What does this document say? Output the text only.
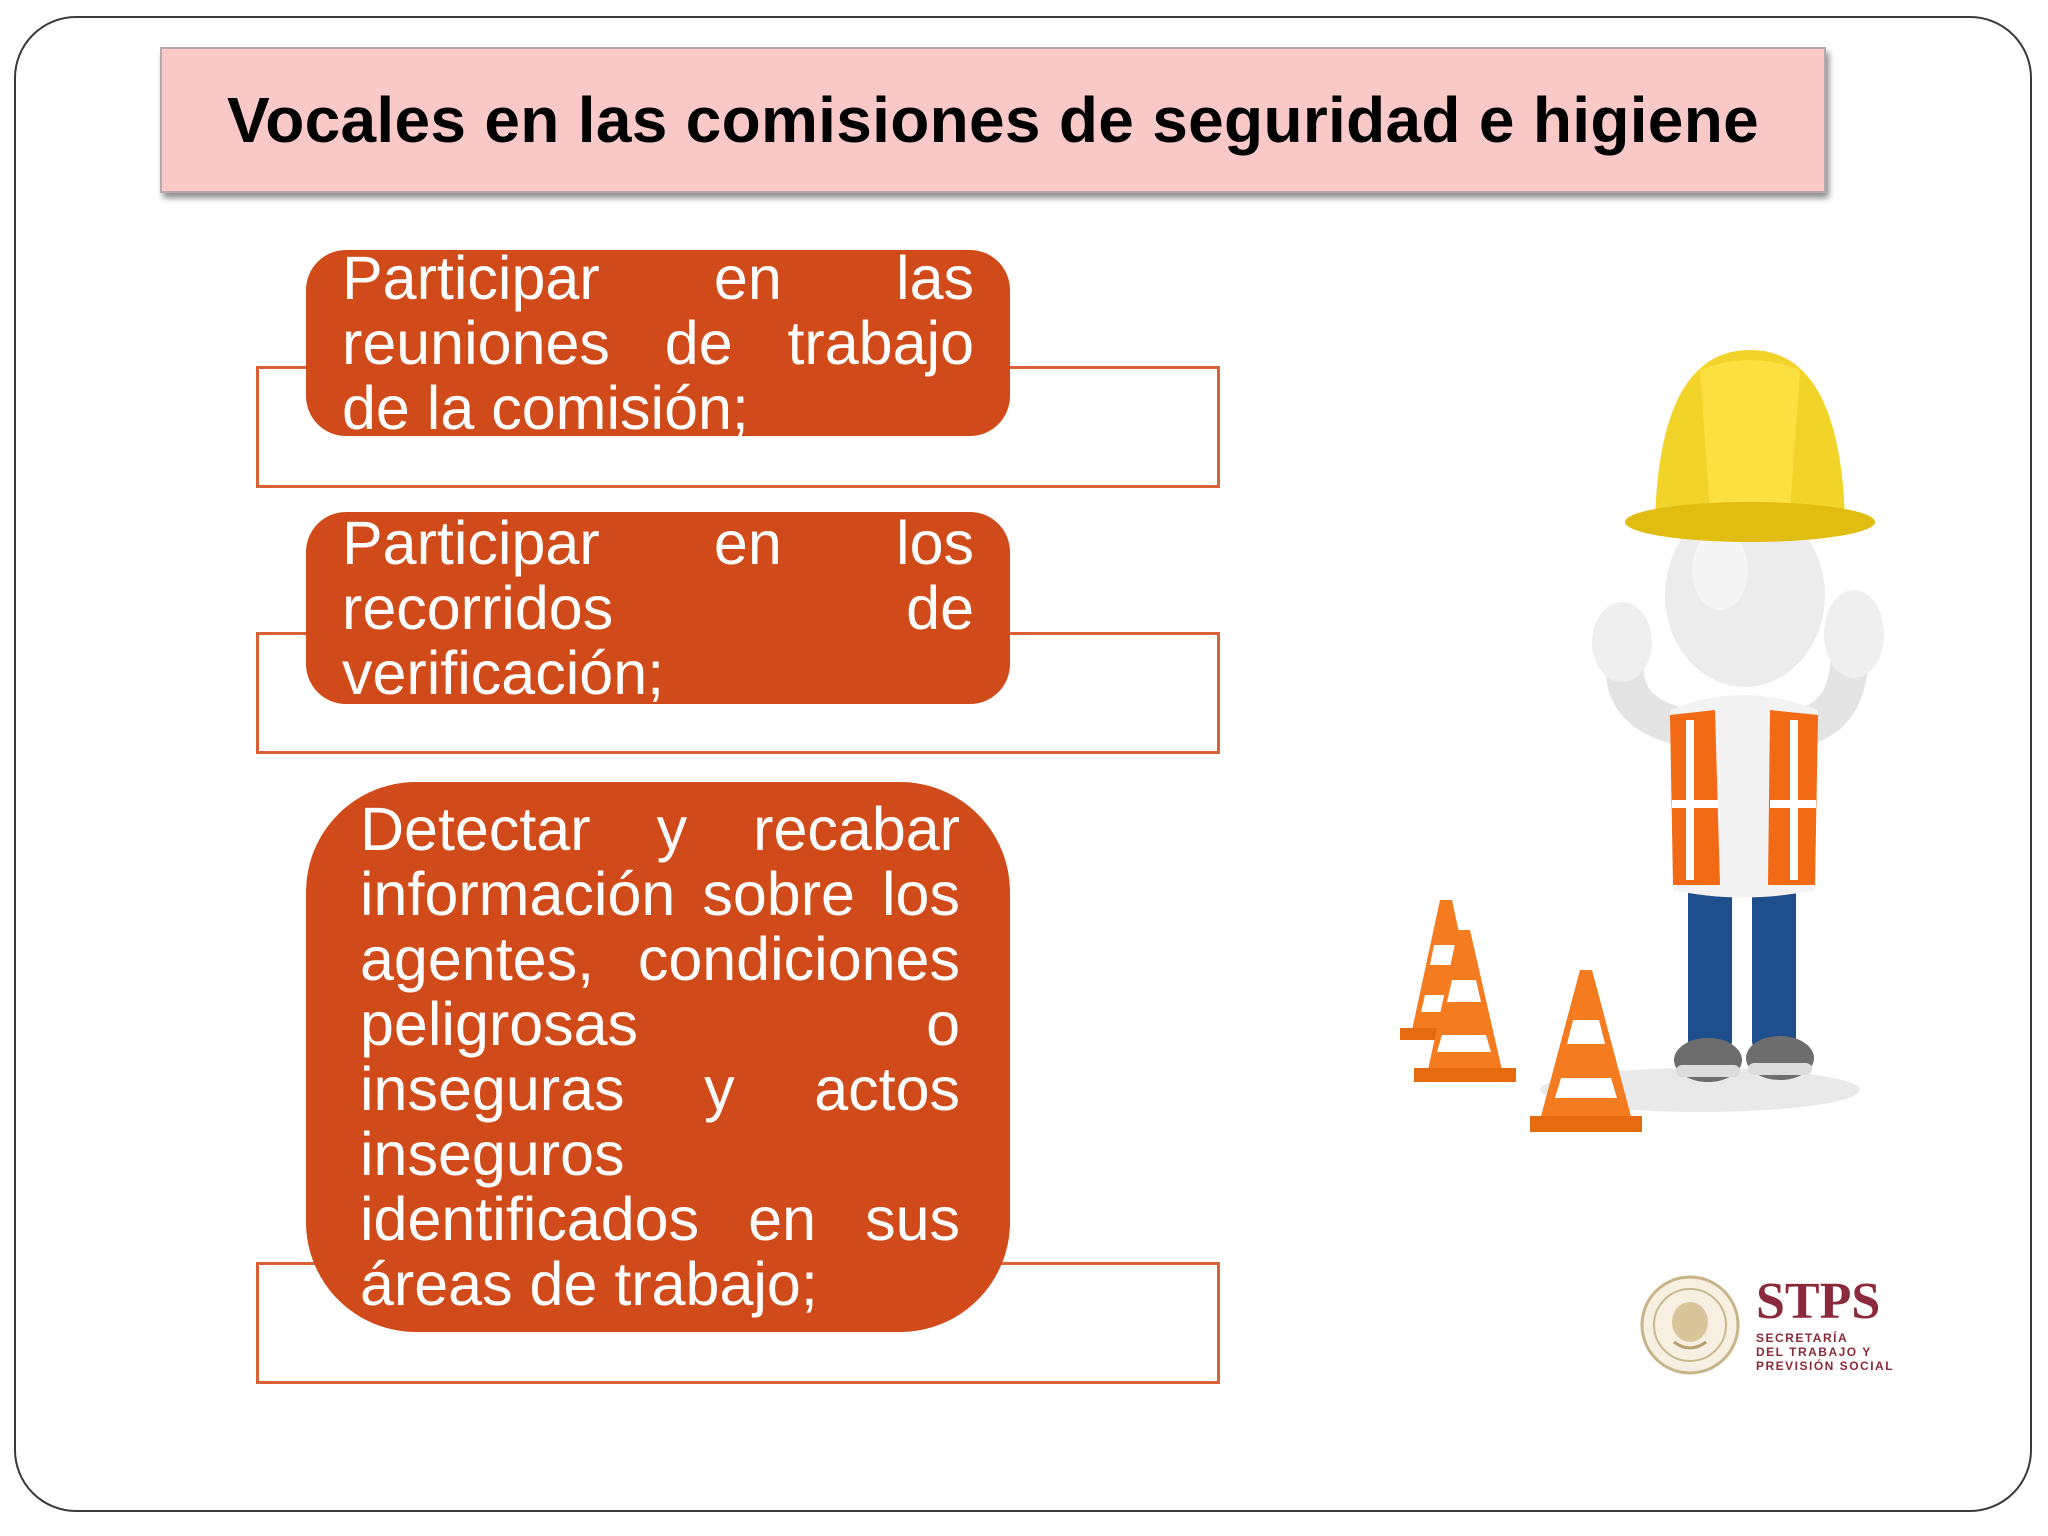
Vocales en las comisiones de seguridad e higiene

Participar en las reuniones de trabajo de la comisión;

Participar en los recorridos de verificación;

Detectar y recabar información sobre los agentes, condiciones peligrosas o inseguras y actos inseguros identificados en sus áreas de trabajo;	STPS
SECRETARÍA
DEL TRABAJO Y
PREVISIÓN SOCIAL
